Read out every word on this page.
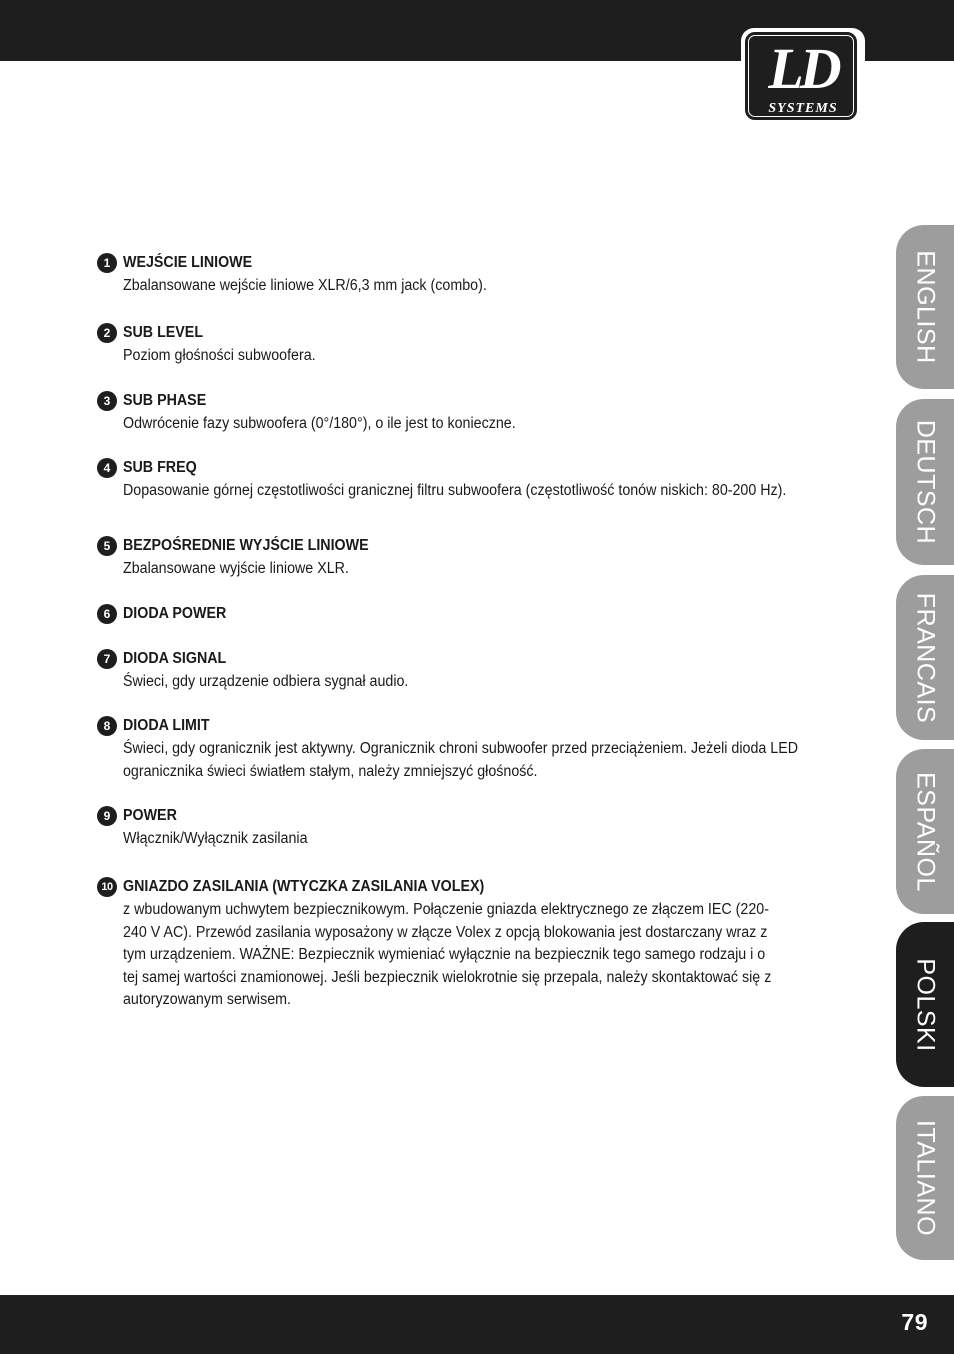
LD
SYSTEMS
ENGLISH
DEUTSCH
FRANCAIS
ESPAÑOL
POLSKI
ITALIANO
1 WEJŚCIE LINIOWE
Zbalansowane wejście liniowe XLR/6,3 mm jack (combo).
2 SUB LEVEL
Poziom głośności subwoofera.
3 SUB PHASE
Odwrócenie fazy subwoofera (0°/180°), o ile jest to konieczne.
4 SUB FREQ
Dopasowanie górnej częstotliwości granicznej filtru subwoofera (częstotliwość tonów niskich: 80-200 Hz).
5 BEZPOŚREDNIE WYJŚCIE LINIOWE
Zbalansowane wyjście liniowe XLR.
6 DIODA POWER
7 DIODA SIGNAL
Świeci, gdy urządzenie odbiera sygnał audio.
8 DIODA LIMIT
Świeci, gdy ogranicznik jest aktywny. Ogranicznik chroni subwoofer przed przeciążeniem. Jeżeli dioda LED
ogranicznika świeci światłem stałym, należy zmniejszyć głośność.
9 POWER
Włącznik/Wyłącznik zasilania
10 GNIAZDO ZASILANIA (WTYCZKA ZASILANIA VOLEX)
z wbudowanym uchwytem bezpiecznikowym. Połączenie gniazda elektrycznego ze złączem IEC (220-
240 V AC). Przewód zasilania wyposażony w złącze Volex z opcją blokowania jest dostarczany wraz z
tym urządzeniem. WAŻNE: Bezpiecznik wymieniać wyłącznie na bezpiecznik tego samego rodzaju i o
tej samej wartości znamionowej. Jeśli bezpiecznik wielokrotnie się przepala, należy skontaktować się z
autoryzowanym serwisem.
79
